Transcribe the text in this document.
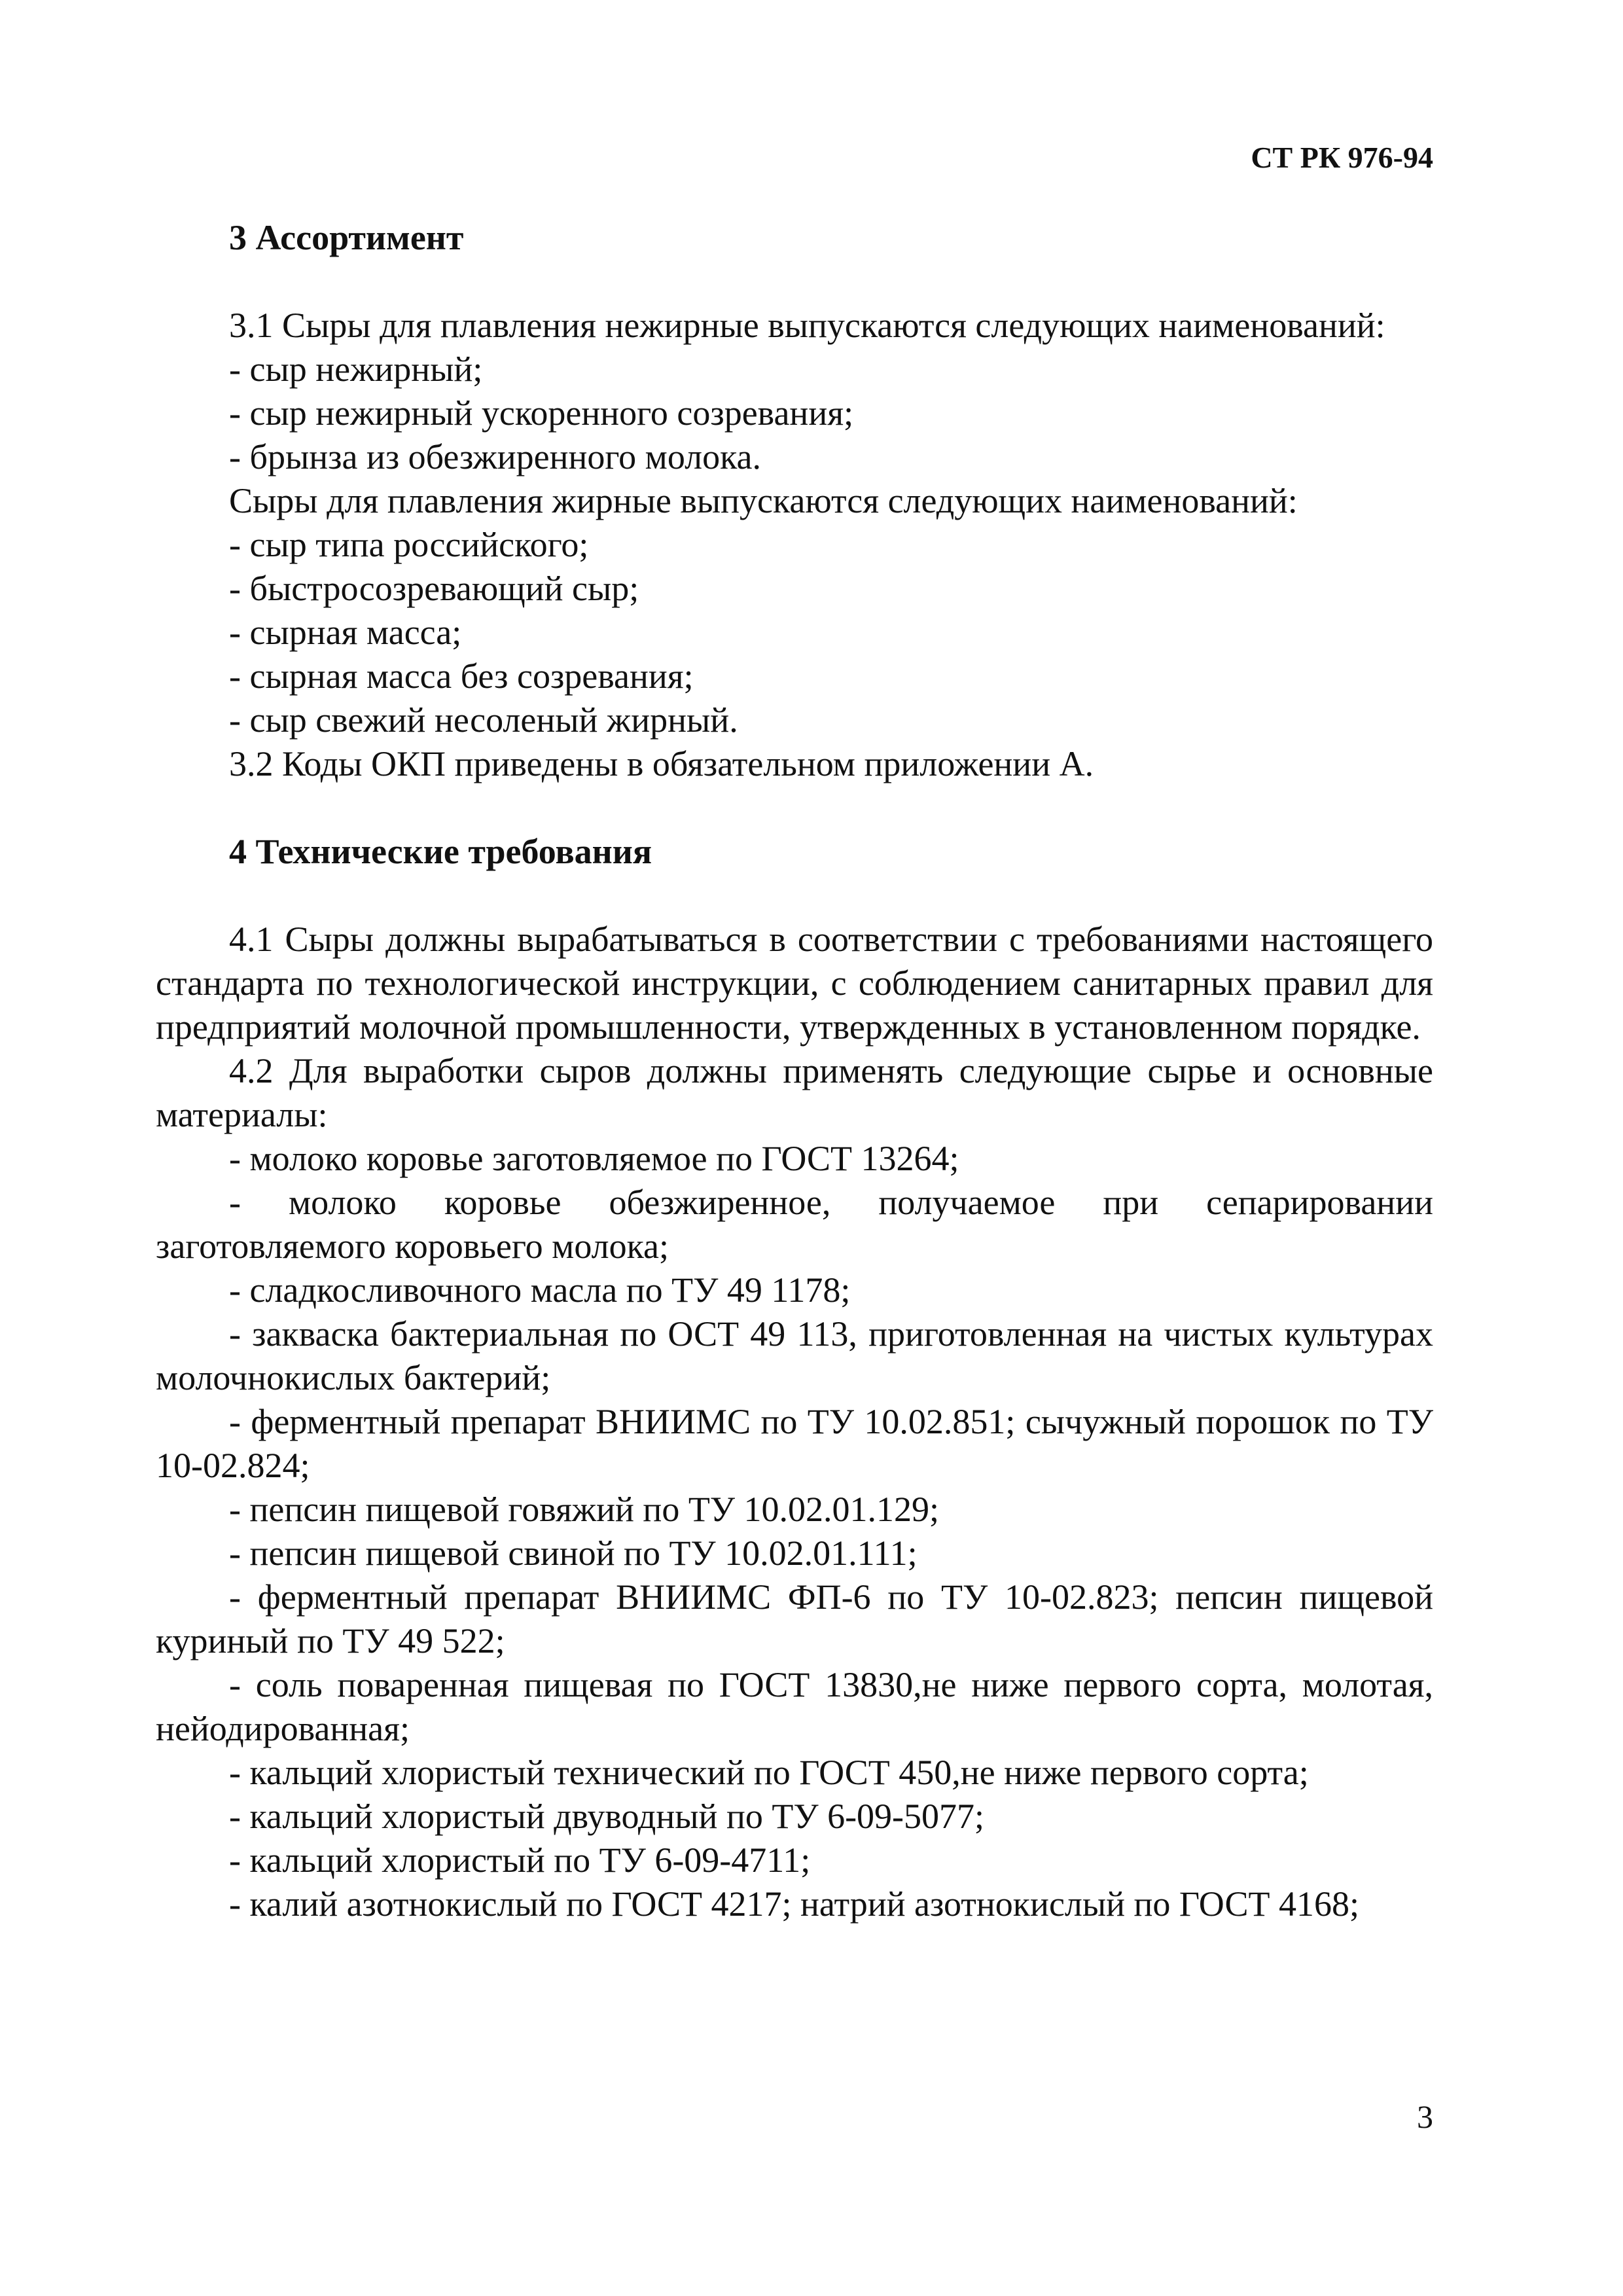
СТ РК 976-94
3 Ассортимент

3.1 Сыры для плавления нежирные выпускаются следующих наименований:

- сыр нежирный;
- сыр нежирный ускоренного созревания;
- брынза из обезжиренного молока.

Сыры для плавления жирные выпускаются следующих наименований:

- сыр типа российского;
- быстросозревающий сыр;
- сырная масса;
- сырная масса без созревания;
- сыр свежий несоленый жирный.

3.2 Коды ОКП приведены в обязательном приложении А.

4 Технические требования

4.1 Сыры должны вырабатываться в соответствии с требованиями настоящего стандарта по технологической инструкции, с соблюдением санитарных правил для предприятий молочной промышленности, утвержденных в установленном порядке.

4.2 Для выработки сыров должны применять следующие сырье и основные материалы:

- молоко коровье заготовляемое по ГОСТ 13264;

- молоко коровье обезжиренное, получаемое при сепарировании заготовляемого коровьего молока;

- сладкосливочного масла по ТУ 49 1178;

- закваска бактериальная по ОСТ 49 113, приготовленная на чистых культурах молочнокислых бактерий;

- ферментный препарат ВНИИМС по ТУ 10.02.851; сычужный порошок по ТУ 10-02.824;

- пепсин пищевой говяжий по ТУ 10.02.01.129;

- пепсин пищевой свиной по ТУ 10.02.01.111;

- ферментный препарат ВНИИМС ФП-6 по ТУ 10-02.823; пепсин пищевой куриный по ТУ 49 522;

- соль поваренная пищевая по ГОСТ 13830,не ниже первого сорта, молотая, нейодированная;

- кальций хлористый технический по ГОСТ 450,не ниже первого сорта;

- кальций хлористый двуводный по ТУ 6-09-5077;

- кальций хлористый по ТУ 6-09-4711;

- калий азотнокислый по ГОСТ 4217; натрий азотнокислый по ГОСТ 4168;

3
